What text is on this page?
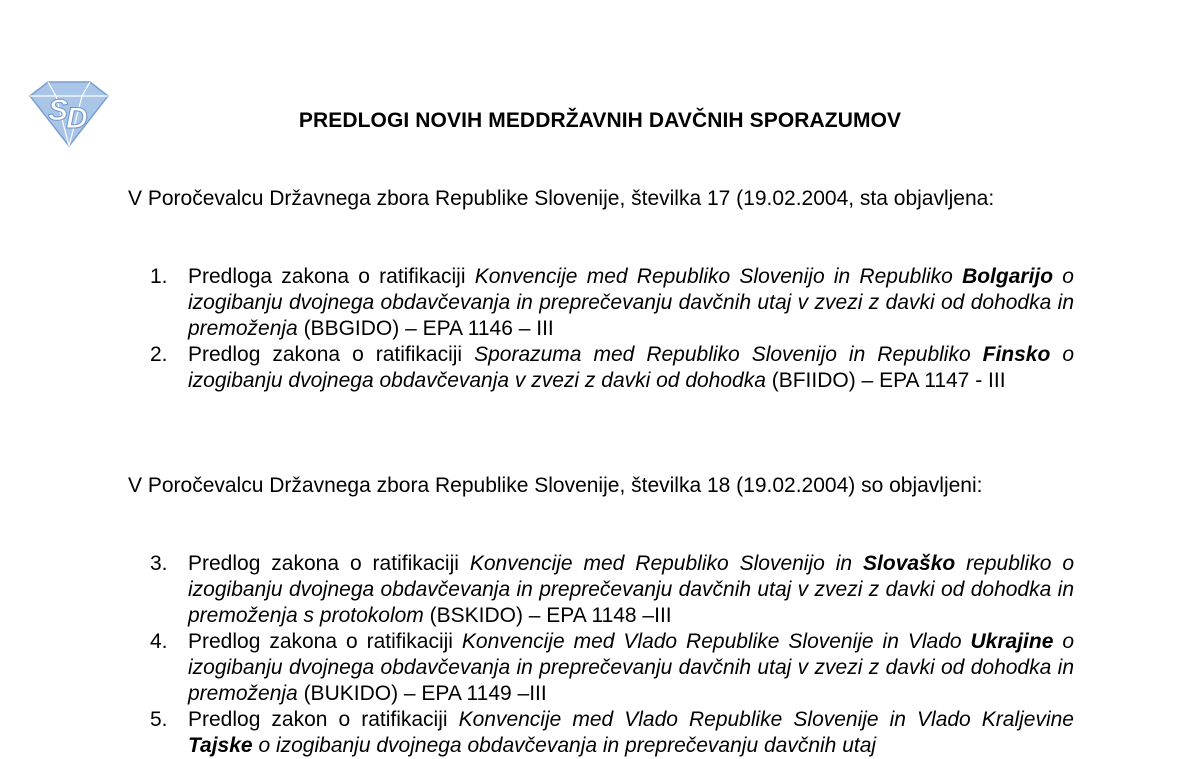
S
D	PREDLOGI NOVIH MEDDRŽAVNIH DAVČNIH SPORAZUMOV

V Poročevalcu Državnega zbora Republike Slovenije, številka 17 (19.02.2004, sta objavljena:

1. Predloga zakona o ratifikaciji Konvencije med Republiko Slovenijo in Republiko Bolgarijo o izogibanju dvojnega obdavčevanja in preprečevanju davčnih utaj v zvezi z davki od dohodka in premoženja (BBGIDO) – EPA 1146 – III
2. Predlog zakona o ratifikaciji Sporazuma med Republiko Slovenijo in Republiko Finsko o izogibanju dvojnega obdavčevanja v zvezi z davki od dohodka (BFIIDO) – EPA 1147 - III

V Poročevalcu Državnega zbora Republike Slovenije, številka 18 (19.02.2004) so objavljeni:

3. Predlog zakona o ratifikaciji Konvencije med Republiko Slovenijo in Slovaško republiko o izogibanju dvojnega obdavčevanja in preprečevanju davčnih utaj v zvezi z davki od dohodka in premoženja s protokolom (BSKIDO) – EPA 1148 –III
4. Predlog zakona o ratifikaciji Konvencije med Vlado Republike Slovenije in Vlado Ukrajine o izogibanju dvojnega obdavčevanja in preprečevanju davčnih utaj v zvezi z davki od dohodka in premoženja (BUKIDO) – EPA 1149 –III
5. Predlog zakon o ratifikaciji Konvencije med Vlado Republike Slovenije in Vlado Kraljevine Tajske o izogibanju dvojnega obdavčevanja in preprečevanju davčnih utaj
